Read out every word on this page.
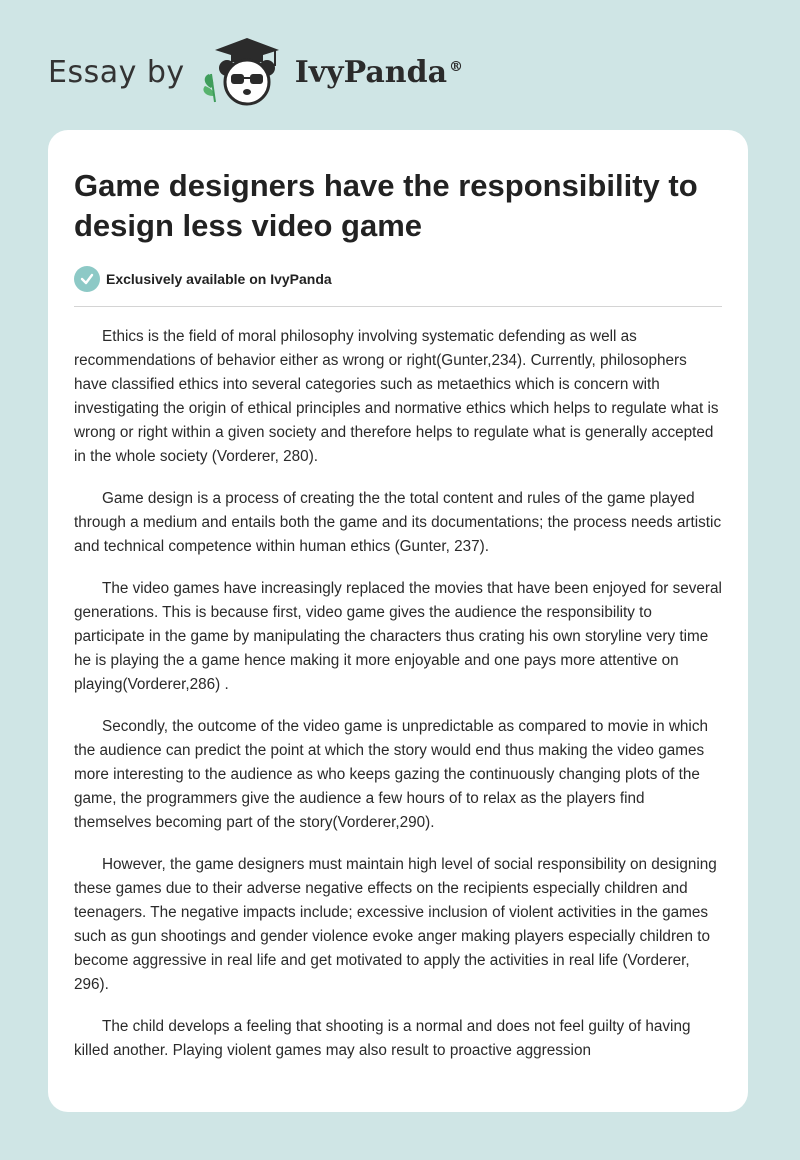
Essay by	IvyPanda ®
Game designers have the responsibility to design less video game
Exclusively available on IvyPanda

Ethics is the field of moral philosophy involving systematic defending as well as recommendations of behavior either as wrong or right(Gunter,234). Currently, philosophers have classified ethics into several categories such as metaethics which is concern with investigating the origin of ethical principles and normative ethics which helps to regulate what is wrong or right within a given society and therefore helps to regulate what is generally accepted in the whole society (Vorderer, 280).

Game design is a process of creating the the total content and rules of the game played through a medium and entails both the game and its documentations; the process needs artistic and technical competence within human ethics (Gunter, 237).

The video games have increasingly replaced the movies that have been enjoyed for several generations. This is because first, video game gives the audience the responsibility to participate in the game by manipulating the characters thus crating his own storyline very time he is playing the a game hence making it more enjoyable and one pays more attentive on playing(Vorderer,286) .

Secondly, the outcome of the video game is unpredictable as compared to movie in which the audience can predict the point at which the story would end thus making the video games more interesting to the audience as who keeps gazing the continuously changing plots of the game, the programmers give the audience a few hours of to relax as the players find themselves becoming part of the story(Vorderer,290).

However, the game designers must maintain high level of social responsibility on designing these games due to their adverse negative effects on the recipients especially children and teenagers. The negative impacts include; excessive inclusion of violent activities in the games such as gun shootings and gender violence evoke anger making players especially children to become aggressive in real life and get motivated to apply the activities in real life (Vorderer, 296).

The child develops a feeling that shooting is a normal and does not feel guilty of having killed another. Playing violent games may also result to proactive aggression
